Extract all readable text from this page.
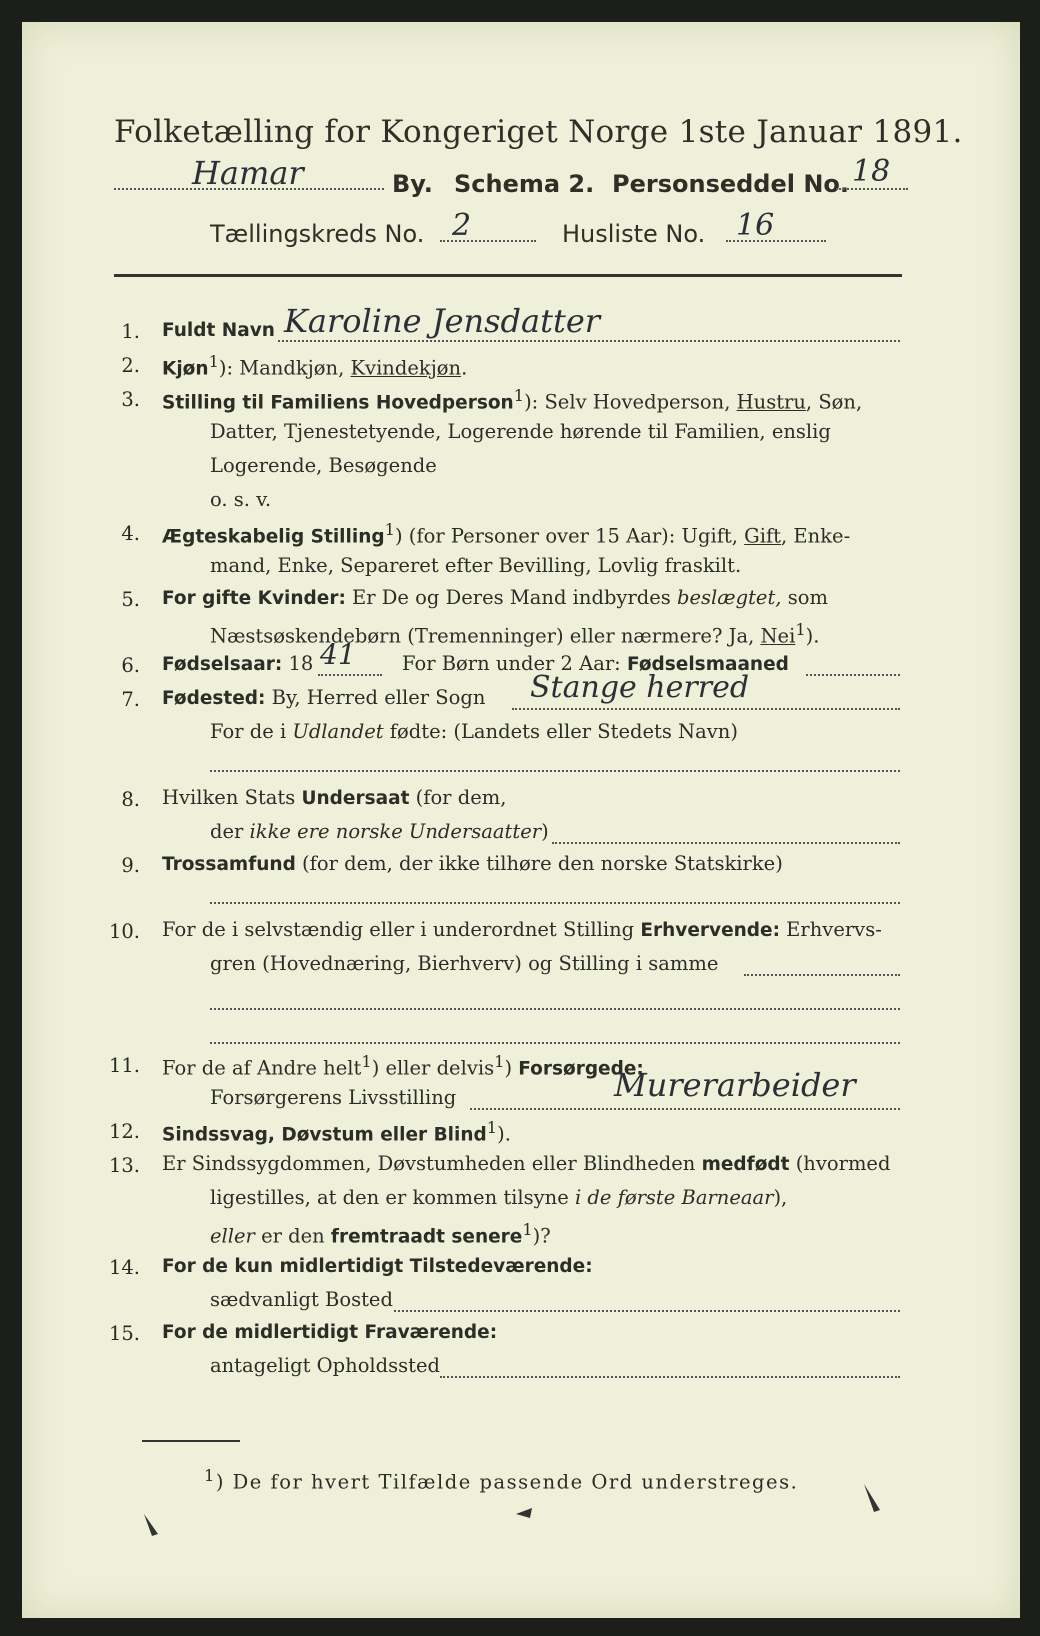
Folketælling for Kongeriget Norge 1ste Januar 1891.
Hamar	By. Schema 2. Personseddel No. 18
Tællingskreds No. 2	Husliste No. 16
1. Fuldt Navn Karoline Jensdatter
2. Kjøn$^1$): Mandkjøn, Kvindekjøn.
3. Stilling til Familiens Hovedperson$^1$): Selv Hovedperson, Hustru, Søn,
Datter, Tjenestetyende, Logerende hørende til Familien, enslig
Logerende, Besøgende
o. s. v.
4. Ægteskabelig Stilling$^1$) (for Personer over 15 Aar): Ugift, Gift, Enke-
mand, Enke, Separeret efter Bevilling, Lovlig fraskilt.
5. For gifte Kvinder: Er De og Deres Mand indbyrdes beslægtet, som
Næstsøskendebørn (Tremenninger) eller nærmere? Ja, Nei$^1$).
6. Fødselsaar: 18 41 For Børn under 2 Aar: Fødselsmaaned
7. Fødested: By, Herred eller Sogn Stange herred
For de i Udlandet fødte: (Landets eller Stedets Navn)
8. Hvilken Stats Undersaat (for dem,
der ikke ere norske Undersaatter)
9. Trossamfund (for dem, der ikke tilhøre den norske Statskirke)
10. For de i selvstændig eller i underordnet Stilling Erhvervende: Erhvervs-
gren (Hovednæring, Bierhverv) og Stilling i samme
11. For de af Andre helt$^1$) eller delvis$^1$) Forsørgede:
Forsørgerens Livsstilling	Murerarbeider
12. Sindssvag, Døvstum eller Blind$^1$).
13. Er Sindssygdommen, Døvstumheden eller Blindheden medfødt (hvormed
ligestilles, at den er kommen tilsyne i de første Barneaar),
eller er den fremtraadt senere$^1$)?
14. For de kun midlertidigt Tilstedeværende:
sædvanligt Bosted
15. For de midlertidigt Fraværende:
antageligt Opholdssted
$^1$) De for hvert Tilfælde passende Ord understreges.
